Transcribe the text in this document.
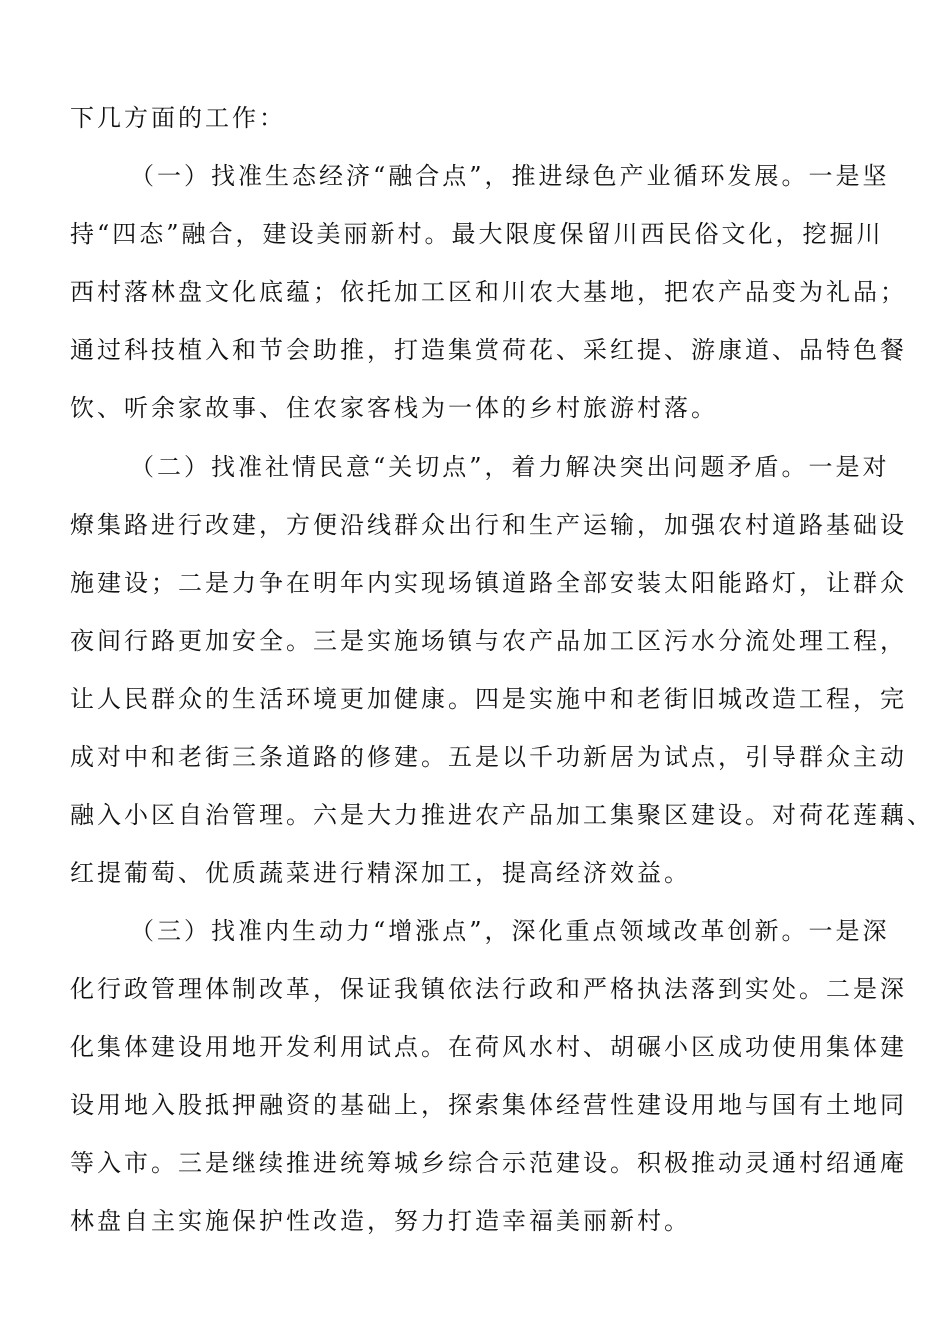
下几方面的工作：
（一）找准生态经济“融合点”，推进绿色产业循环发展。一是坚
持“四态”融合，建设美丽新村。最大限度保留川西民俗文化，挖掘川
西村落林盘文化底蕴；依托加工区和川农大基地，把农产品变为礼品；
通过科技植入和节会助推，打造集赏荷花、采红提、游康道、品特色餐
饮、听余家故事、住农家客栈为一体的乡村旅游村落。
（二）找准社情民意“关切点”，着力解决突出问题矛盾。一是对
燎集路进行改建，方便沿线群众出行和生产运输，加强农村道路基础设
施建设；二是力争在明年内实现场镇道路全部安装太阳能路灯，让群众
夜间行路更加安全。三是实施场镇与农产品加工区污水分流处理工程，
让人民群众的生活环境更加健康。四是实施中和老街旧城改造工程，完
成对中和老街三条道路的修建。五是以千功新居为试点，引导群众主动
融入小区自治管理。六是大力推进农产品加工集聚区建设。对荷花莲藕、
红提葡萄、优质蔬菜进行精深加工，提高经济效益。
（三）找准内生动力“增涨点”，深化重点领域改革创新。一是深
化行政管理体制改革，保证我镇依法行政和严格执法落到实处。二是深
化集体建设用地开发利用试点。在荷风水村、胡碾小区成功使用集体建
设用地入股抵押融资的基础上，探索集体经营性建设用地与国有土地同
等入市。三是继续推进统筹城乡综合示范建设。积极推动灵通村绍通庵
林盘自主实施保护性改造，努力打造幸福美丽新村。
